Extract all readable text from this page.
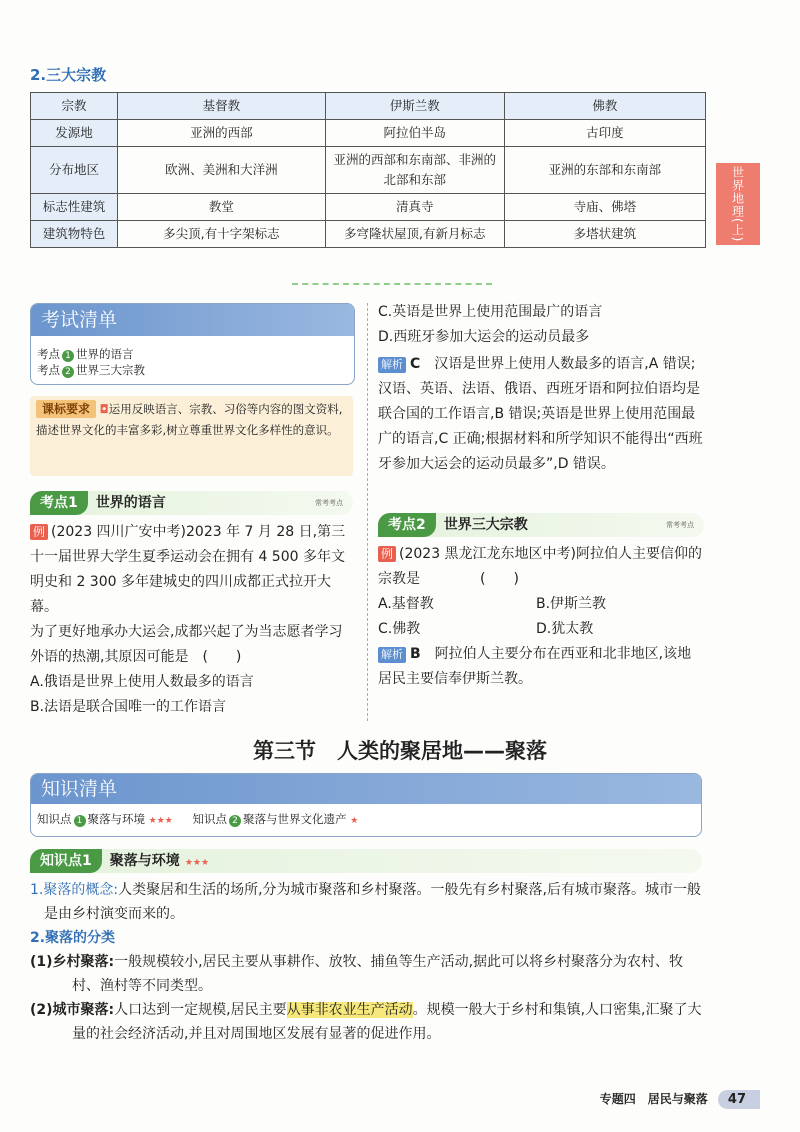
2.三大宗教
宗教	基督教	伊斯兰教	佛教
发源地	亚洲的西部	阿拉伯半岛	古印度
分布地区	欧洲、美洲和大洋洲	亚洲的西部和东南部、非洲的北部和东部	亚洲的东部和东南部
标志性建筑	教堂	清真寺	寺庙、佛塔
建筑物特色	多尖顶,有十字架标志	多穹隆状屋顶,有新月标志	多塔状建筑	世界地理(上)
考试清单
考点 1 世界的语言
考点 2 世界三大宗教
课标要求 ◘运用反映语言、宗教、习俗等内容的图文资料,描述世界文化的丰富多彩,树立尊重世界文化多样性的意识。
考点1 世界的语言	常考考点
例 (2023 四川广安中考)2023 年 7 月 28 日,第三十一届世界大学生夏季运动会在拥有 4 500 多年文明史和 2 300 多年建城史的四川成都正式拉开大幕。
为了更好地承办大运会,成都兴起了为当志愿者学习外语的热潮,其原因可能是 (　　)
A.俄语是世界上使用人数最多的语言
B.法语是联合国唯一的工作语言
C.英语是世界上使用范围最广的语言
D.西班牙参加大运会的运动员最多
解析 C　 汉语是世界上使用人数最多的语言,A 错误;汉语、英语、法语、俄语、西班牙语和阿拉伯语均是联合国的工作语言,B 错误;英语是世界上使用范围最广的语言,C 正确;根据材料和所学知识不能得出“西班牙参加大运会的运动员最多”,D 错误。
考点2 世界三大宗教	常考考点
例 (2023 黑龙江龙东地区中考)阿拉伯人主要信仰的宗教是	(　　)
A.基督教	B.伊斯兰教
C.佛教	D.犹太教
解析 B　 阿拉伯人主要分布在西亚和北非地区,该地居民主要信奉伊斯兰教。
第三节　人类的聚居地——聚落
知识清单
知识点 1 聚落与环境 ★★★ 知识点 2 聚落与世界文化遗产 ★
知识点1 聚落与环境 ★★★
1.聚落的概念:人类聚居和生活的场所,分为城市聚落和乡村聚落。一般先有乡村聚落,后有城市聚落。城市一般是由乡村演变而来的。
2.聚落的分类
(1)乡村聚落:一般规模较小,居民主要从事耕作、放牧、捕鱼等生产活动,据此可以将乡村聚落分为农村、牧村、渔村等不同类型。
(2)城市聚落:人口达到一定规模,居民主要从事非农业生产活动。规模一般大于乡村和集镇,人口密集,汇聚了大量的社会经济活动,并且对周围地区发展有显著的促进作用。
专题四　居民与聚落 47
